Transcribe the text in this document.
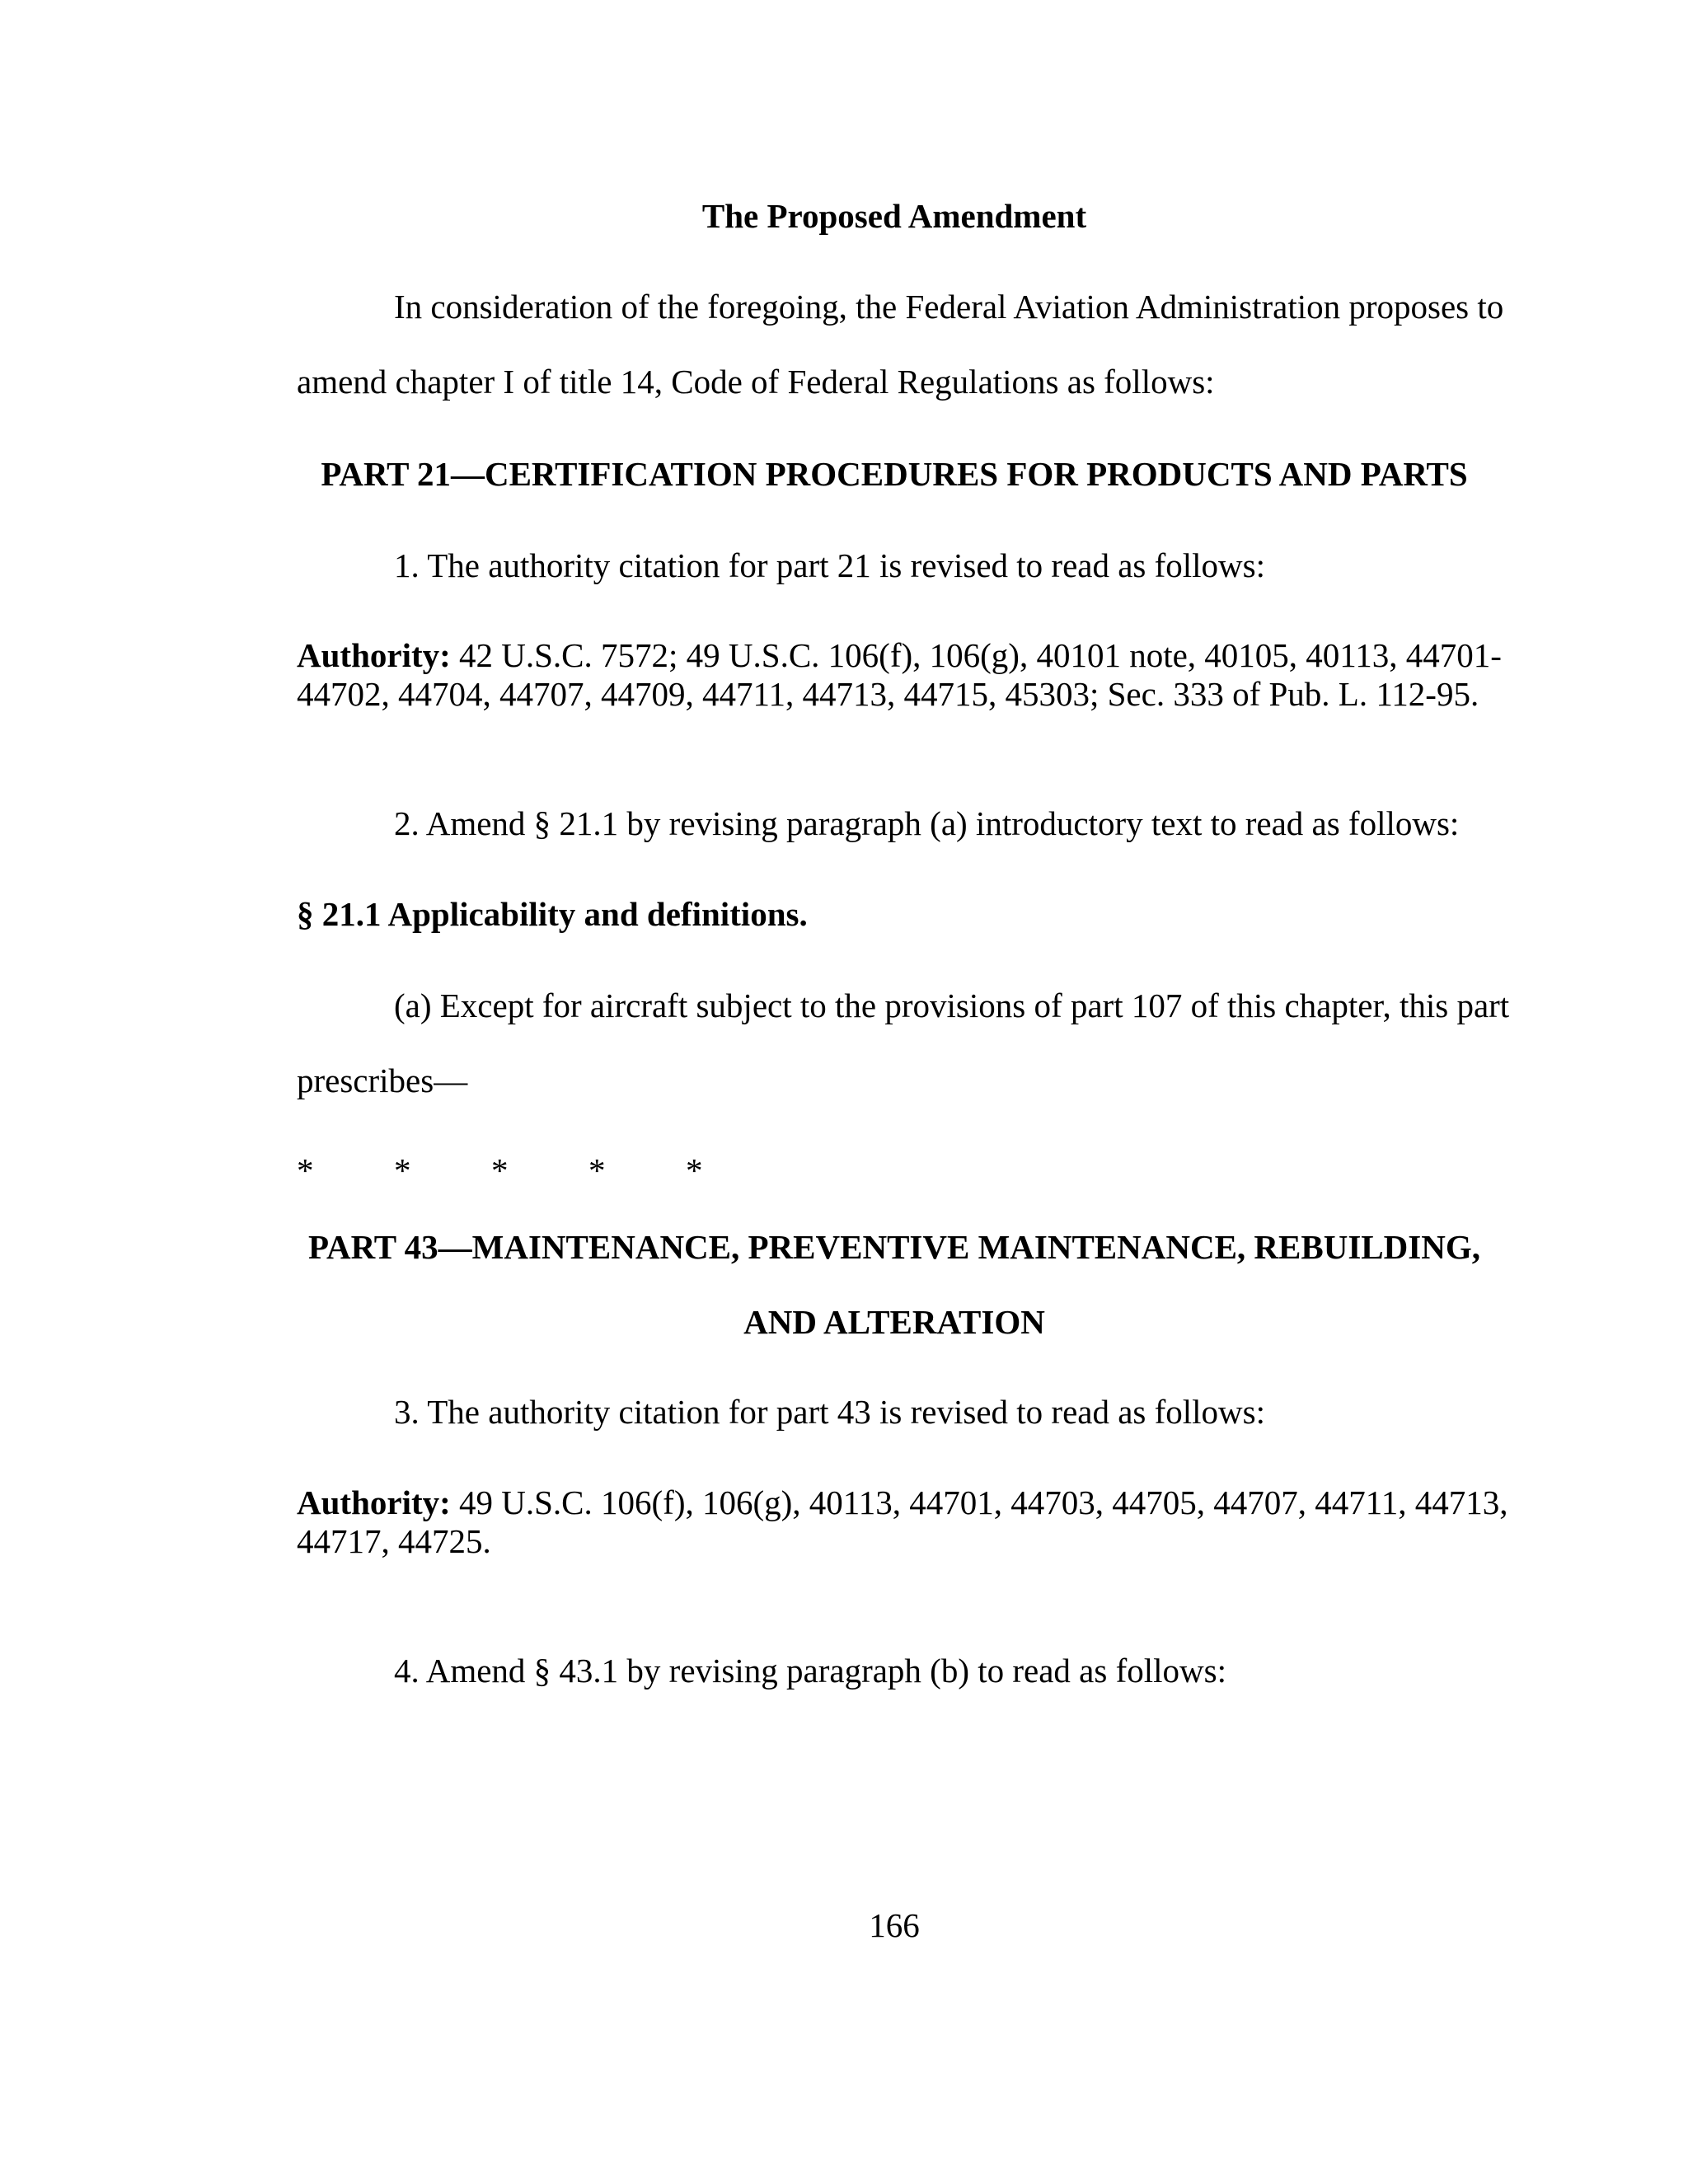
The Proposed Amendment
In consideration of the foregoing, the Federal Aviation Administration proposes to
amend chapter I of title 14, Code of Federal Regulations as follows:
PART 21—CERTIFICATION PROCEDURES FOR PRODUCTS AND PARTS
1. The authority citation for part 21 is revised to read as follows:
Authority: 42 U.S.C. 7572; 49 U.S.C. 106(f), 106(g), 40101 note, 40105, 40113, 44701-
44702, 44704, 44707, 44709, 44711, 44713, 44715, 45303; Sec. 333 of Pub. L. 112-95.
2. Amend § 21.1 by revising paragraph (a) introductory text to read as follows:
§ 21.1 Applicability and definitions.
(a) Except for aircraft subject to the provisions of part 107 of this chapter, this part
prescribes—
* * * * *
PART 43—MAINTENANCE, PREVENTIVE MAINTENANCE, REBUILDING,
AND ALTERATION
3. The authority citation for part 43 is revised to read as follows:
Authority: 49 U.S.C. 106(f), 106(g), 40113, 44701, 44703, 44705, 44707, 44711, 44713,
44717, 44725.
4. Amend § 43.1 by revising paragraph (b) to read as follows:
166
